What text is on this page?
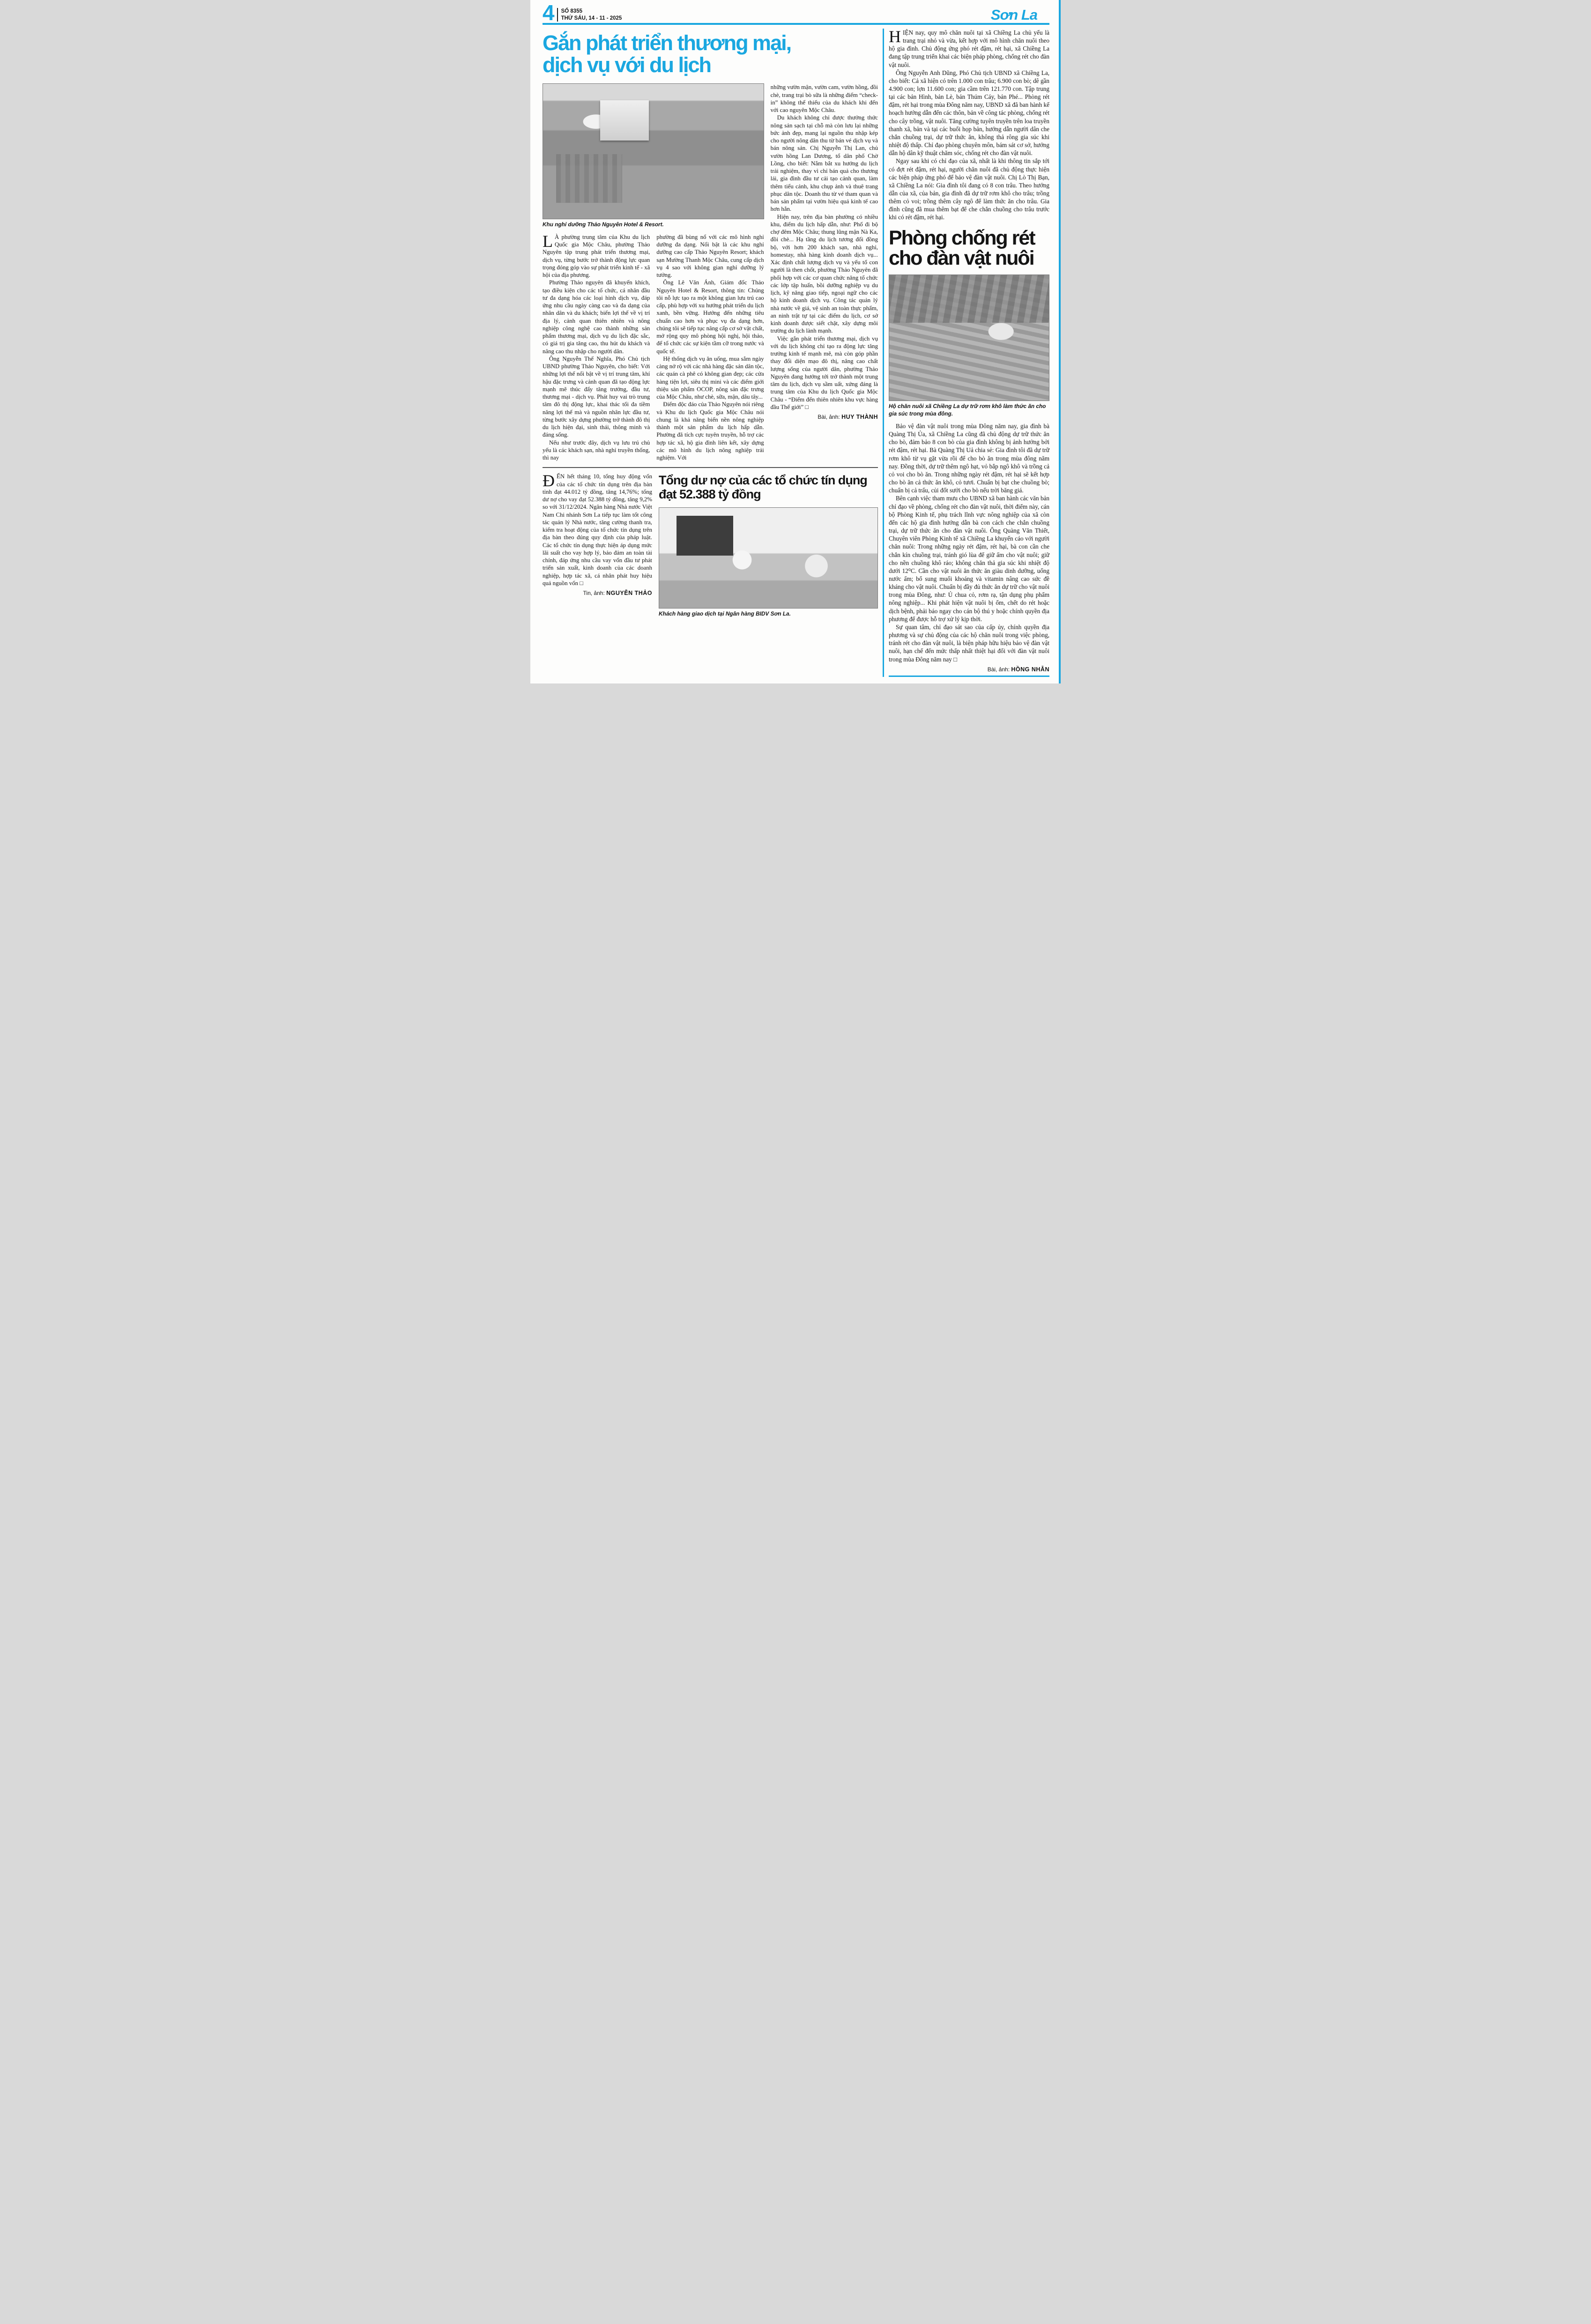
4 SỐ 8355
THỨ SÁU, 14 - 11 - 2025	Sơn La
Gắn phát triển thương mại, dịch vụ với du lịch
Khu nghỉ dưỡng Thảo Nguyên Hotel & Resort.

LÀ phường trung tâm của Khu du lịch Quốc gia Mộc Châu, phường Thảo Nguyên tập trung phát triển thương mại, dịch vụ, từng bước trở thành động lực quan trọng đóng góp vào sự phát triển kinh tế - xã hội của địa phương.

Phường Thảo nguyên đã khuyến khích, tạo điều kiện cho các tổ chức, cá nhân đầu tư đa dạng hóa các loại hình dịch vụ, đáp ứng nhu cầu ngày càng cao và đa dạng của nhân dân và du khách; biến lợi thế về vị trí địa lý, cảnh quan thiên nhiên và nông nghiệp công nghệ cao thành những sản phẩm thương mại, dịch vụ du lịch đặc sắc, có giá trị gia tăng cao, thu hút du khách và nâng cao thu nhập cho người dân.

Ông Nguyễn Thế Nghĩa, Phó Chủ tịch UBND phường Thảo Nguyên, cho biết: Với những lợi thế nổi bật về vị trí trung tâm, khí hậu đặc trưng và cảnh quan đã tạo động lực mạnh mẽ thúc đẩy tăng trưởng, đầu tư, thương mại - dịch vụ. Phát huy vai trò trung tâm đô thị động lực, khai thác tối đa tiềm năng lợi thế mà và nguồn nhân lực đầu tư, từng bước xây dựng phường trở thành đô thị du lịch hiện đại, sinh thái, thông minh và đáng sống.

Nếu như trước đây, dịch vụ lưu trú chủ yếu là các khách sạn, nhà nghỉ truyền thống, thì nay

phường đã bùng nổ với các mô hình nghỉ dưỡng đa dạng. Nổi bật là các khu nghỉ dưỡng cao cấp Thảo Nguyên Resort; khách sạn Mường Thanh Mộc Châu, cung cấp dịch vụ 4 sao với không gian nghỉ dưỡng lý tưởng.

Ông Lê Văn Ánh, Giám đốc Thảo Nguyên Hotel & Resort, thông tin: Chúng tôi nỗ lực tạo ra một không gian lưu trú cao cấp, phù hợp với xu hướng phát triển du lịch xanh, bền vững. Hướng đến những tiêu chuẩn cao hơn và phục vụ đa dạng hơn, chúng tôi sẽ tiếp tục nâng cấp cơ sở vật chất, mở rộng quy mô phòng hội nghị, hội thảo, để tổ chức các sự kiện tầm cỡ trong nước và quốc tế.

Hệ thống dịch vụ ăn uống, mua sắm ngày càng nở rộ với các nhà hàng đặc sản dân tộc, các quán cà phê có không gian đẹp; các cửa hàng tiện lợi, siêu thị mini và các điểm giới thiệu sản phẩm OCOP, nông sản đặc trưng của Mộc Châu, như chè, sữa, mận, dâu tây...

Điểm độc đáo của Thảo Nguyên nói riêng và Khu du lịch Quốc gia Mộc Châu nói chung là khả năng biến nền nông nghiệp thành một sản phẩm du lịch hấp dẫn. Phường đã tích cực tuyên truyền, hỗ trợ các hợp tác xã, hộ gia đình liên kết, xây dựng các mô hình du lịch nông nghiệp trải nghiệm. Với

những vườn mận, vườn cam, vườn hồng, đồi chè, trang trại bò sữa là những điểm “check-in” không thể thiếu của du khách khi đến với cao nguyên Mộc Châu.

Du khách không chỉ được thưởng thức nông sản sạch tại chỗ mà còn lưu lại những bức ảnh đẹp, mang lại nguồn thu nhập kép cho người nông dân thu từ bán vé dịch vụ và bán nông sản. Chị Nguyễn Thị Lan, chủ vườn hồng Lan Dương, tổ dân phố Chờ Lồng, cho biết: Nắm bắt xu hướng du lịch trải nghiệm, thay vì chỉ bán quả cho thương lái, gia đình đầu tư cải tạo cảnh quan, làm thêm tiểu cảnh, khu chụp ảnh và thuê trang phục dân tộc. Doanh thu từ vé tham quan và bán sản phẩm tại vườn hiệu quả kinh tế cao hơn hẳn.

Hiện nay, trên địa bàn phường có nhiều khu, điểm du lịch hấp dẫn, như: Phố đi bộ chợ đêm Mộc Châu; thung lũng mận Nà Ka, đồi chè... Hạ tầng du lịch tương đối đồng bộ, với hơn 200 khách sạn, nhà nghỉ, homestay, nhà hàng kinh doanh dịch vụ... Xác định chất lượng dịch vụ và yếu tố con người là then chốt, phường Thảo Nguyên đã phối hợp với các cơ quan chức năng tổ chức các lớp tập huấn, bồi dưỡng nghiệp vụ du lịch, kỹ năng giao tiếp, ngoại ngữ cho các hộ kinh doanh dịch vụ. Công tác quản lý nhà nước về giá, vệ sinh an toàn thực phẩm, an ninh trật tự tại các điểm du lịch, cơ sở kinh doanh được siết chặt, xây dựng môi trường du lịch lành mạnh.

Việc gắn phát triển thương mại, dịch vụ với du lịch không chỉ tạo ra động lực tăng trưởng kinh tế mạnh mẽ, mà còn góp phần thay đổi diện mạo đô thị, nâng cao chất lượng sống của người dân, phường Thảo Nguyên đang hướng tới trở thành một trung tâm du lịch, dịch vụ sầm uất, xứng đáng là trung tâm của Khu du lịch Quốc gia Mộc Châu - “Điểm đến thiên nhiên khu vực hàng đầu Thế giới” □

Bài, ảnh: HUY THÀNH

ĐẾN hết tháng 10, tổng huy động vốn của các tổ chức tín dụng trên địa bàn tỉnh đạt 44.012 tỷ đồng, tăng 14,76%; tổng dư nợ cho vay đạt 52.388 tỷ đồng, tăng 9,2% so với 31/12/2024. Ngân hàng Nhà nước Việt Nam Chi nhánh Sơn La tiếp tục làm tốt công tác quản lý Nhà nước, tăng cường thanh tra, kiểm tra hoạt động của tổ chức tín dụng trên địa bàn theo đúng quy định của pháp luật. Các tổ chức tín dụng thực hiện áp dụng mức lãi suất cho vay hợp lý, bảo đảm an toàn tài chính, đáp ứng nhu cầu vay vốn đầu tư phát triển sản xuất, kinh doanh của các doanh nghiệp, hợp tác xã, cá nhân phát huy hiệu quả nguồn vốn □

Tin, ảnh: NGUYỄN THẢO
Tổng dư nợ của các tổ chức tín dụng đạt 52.388 tỷ đồng
Khách hàng giao dịch tại Ngân hàng BIDV Sơn La.

HIỆN nay, quy mô chăn nuôi tại xã Chiềng La chủ yếu là trang trại nhỏ và vừa, kết hợp với mô hình chăn nuôi theo hộ gia đình. Chủ động ứng phó rét đậm, rét hại, xã Chiềng La đang tập trung triển khai các biện pháp phòng, chống rét cho đàn vật nuôi.

Ông Nguyễn Anh Dũng, Phó Chủ tịch UBND xã Chiềng La, cho biết: Cả xã hiện có trên 1.000 con trâu; 6.900 con bò; dê gần 4.900 con; lợn 11.600 con; gia cầm trên 121.770 con. Tập trung tại các bản Hình, bản Lè, bản Thúm Cáy, bản Phé... Phòng rét đậm, rét hại trong mùa Đông năm nay, UBND xã đã ban hành kế hoạch hướng dẫn đến các thôn, bản về công tác phòng, chống rét cho cây trồng, vật nuôi. Tăng cường tuyên truyền trên loa truyền thanh xã, bản và tại các buổi họp bản, hướng dẫn người dân che chắn chuồng trại, dự trữ thức ăn, không thả rông gia súc khi nhiệt độ thấp. Chỉ đạo phòng chuyên môn, bám sát cơ sở, hướng dẫn hộ dân kỹ thuật chăm sóc, chống rét cho đàn vật nuôi.

Ngay sau khi có chỉ đạo của xã, nhất là khi thông tin sắp tới có đợt rét đậm, rét hại, người chăn nuôi đã chủ động thực hiện các biện pháp ứng phó để bảo vệ đàn vật nuôi. Chị Lò Thị Bạn, xã Chiềng La nói: Gia đình tôi đang có 8 con trâu. Theo hướng dẫn của xã, của bản, gia đình đã dự trữ rơm khô cho trâu; trồng thêm cỏ voi; trồng thêm cây ngô để làm thức ăn cho trâu. Gia đình cũng đã mua thêm bạt để che chắn chuồng cho trâu trước khi có rét đậm, rét hại.

Phòng chống rét cho đàn vật nuôi
Hộ chăn nuôi xã Chiềng La dự trữ rơm khô làm thức ăn cho gia súc trong mùa đông.

Bảo vệ đàn vật nuôi trong mùa Đông năm nay, gia đình bà Quàng Thị Ủa, xã Chiềng La cũng đã chủ động dự trữ thức ăn cho bò, đảm bảo 8 con bò của gia đình không bị ảnh hưởng bởi rét đậm, rét hại. Bà Quàng Thị Uả chia sẻ: Gia đình tôi đã dự trữ rơm khô từ vụ gặt vừa rồi để cho bò ăn trong mùa đông năm nay. Đồng thời, dự trữ thêm ngô hạt, vỏ bắp ngô khô và trồng cả cỏ voi cho bò ăn. Trong những ngày rét đậm, rét hại sẽ kết hợp cho bò ăn cả thức ăn khô, cỏ tươi. Chuẩn bị bạt che chuồng bò; chuẩn bị cả trấu, củi đốt sưởi cho bò nếu trời băng giá.

Bên cạnh việc tham mưu cho UBND xã ban hành các văn bản chỉ đạo về phòng, chống rét cho đàn vật nuôi, thời điểm này, cán bộ Phòng Kinh tế, phụ trách lĩnh vực nông nghiệp của xã còn đến các hộ gia đình hướng dẫn bà con cách che chắn chuồng trại, dự trữ thức ăn cho đàn vật nuôi. Ông Quàng Văn Thiết, Chuyên viên Phòng Kinh tế xã Chiềng La khuyến cáo với người chăn nuôi: Trong những ngày rét đậm, rét hại, bà con cần che chắn kín chuồng trại, tránh gió lùa để giữ ấm cho vật nuôi; giữ cho nền chuồng khô ráo; không chăn thả gia súc khi nhiệt độ dưới 12⁰C. Cần cho vật nuôi ăn thức ăn giàu dinh dưỡng, uống nước ấm; bổ sung muối khoáng và vitamin nâng cao sức đề kháng cho vật nuôi. Chuẩn bị đầy đủ thức ăn dự trữ cho vật nuôi trong mùa Đông, như: Ủ chua cỏ, rơm rạ, tận dụng phụ phẩm nông nghiệp... Khi phát hiện vật nuôi bị ốm, chết do rét hoặc dịch bệnh, phải báo ngay cho cán bộ thú y hoặc chính quyền địa phương để được hỗ trợ xử lý kịp thời.

Sự quan tâm, chỉ đạo sát sao của cấp ủy, chính quyền địa phương và sự chủ động của các hộ chăn nuôi trong việc phòng, tránh rét cho đàn vật nuôi, là biện pháp hữu hiệu bảo vệ đàn vật nuôi, hạn chế đến mức thấp nhất thiệt hại đối với đàn vật nuôi trong mùa Đông năm nay □

Bài, ảnh: HỒNG NHẪN
